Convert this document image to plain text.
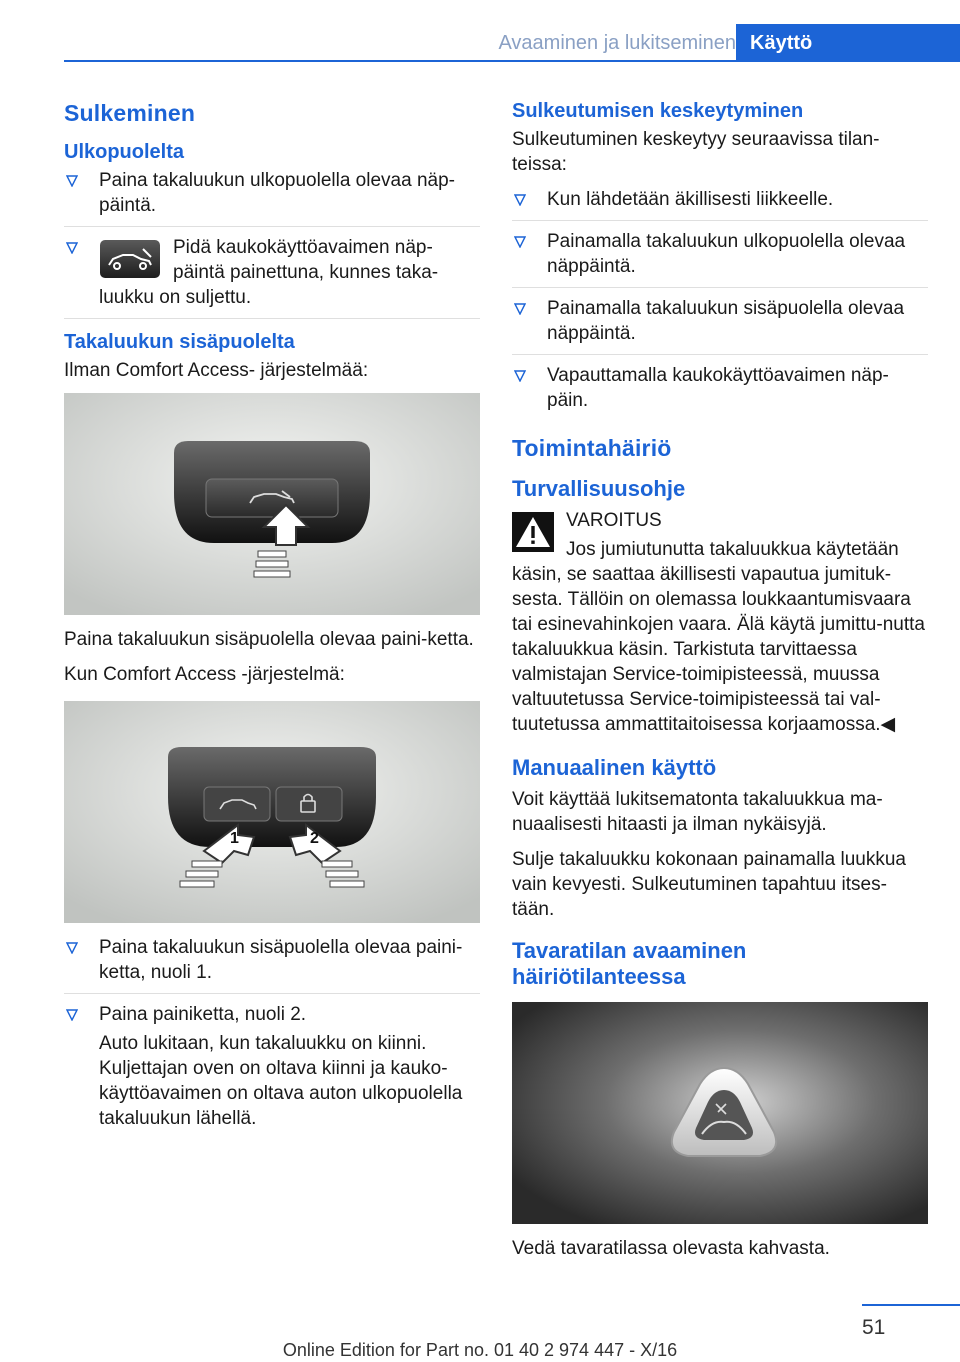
Avaaminen ja lukitseminen Käyttö
Sulkeminen
Ulkopuolelta
Paina takaluukun ulkopuolella olevaa näp-päintä.
Pidä kaukokäyttöavaimen näp-päintä painettuna, kunnes taka-luukku on suljettu.
Takaluukun sisäpuolelta

Ilman Comfort Access- järjestelmää:

Paina takaluukun sisäpuolella olevaa paini-ketta.

Kun Comfort Access -järjestelmä:

1	2
Paina takaluukun sisäpuolella olevaa paini-ketta, nuoli 1.
Paina painiketta, nuoli 2.
Auto lukitaan, kun takaluukku on kiinni. Kuljettajan oven on oltava kiinni ja kauko-käyttöavaimen on oltava auton ulkopuolella takaluukun lähellä.
Sulkeutumisen keskeytyminen

Sulkeutuminen keskeytyy seuraavissa tilan-teissa:

Kun lähdetään äkillisesti liikkeelle.
Painamalla takaluukun ulkopuolella olevaa näppäintä.
Painamalla takaluukun sisäpuolella olevaa näppäintä.
Vapauttamalla kaukokäyttöavaimen näp-päin.
Toimintahäiriö
Turvallisuusohje

VAROITUS

Jos jumiutunutta takaluukkua käytetään

käsin, se saattaa äkillisesti vapautua jumituk-sesta. Tällöin on olemassa loukkaantumisvaara tai esinevahinkojen vaara. Älä käytä jumittu-nutta takaluukkua käsin. Tarkistuta tarvittaessa valmistajan Service-toimipisteessä, muussa valtuutetussa Service-toimipisteessä tai val-tuutetussa ammattitaitoisessa korjaamossa.◀

Manuaalinen käyttö

Voit käyttää lukitsematonta takaluukkua ma-nuaalisesti hitaasti ja ilman nykäisyjä.

Sulje takaluukku kokonaan painamalla luukkua vain kevyesti. Sulkeutuminen tapahtuu itses-tään.

Tavaratilan avaaminen häiriötilanteessa

Vedä tavaratilassa olevasta kahvasta.

51
Online Edition for Part no. 01 40 2 974 447 - X/16
